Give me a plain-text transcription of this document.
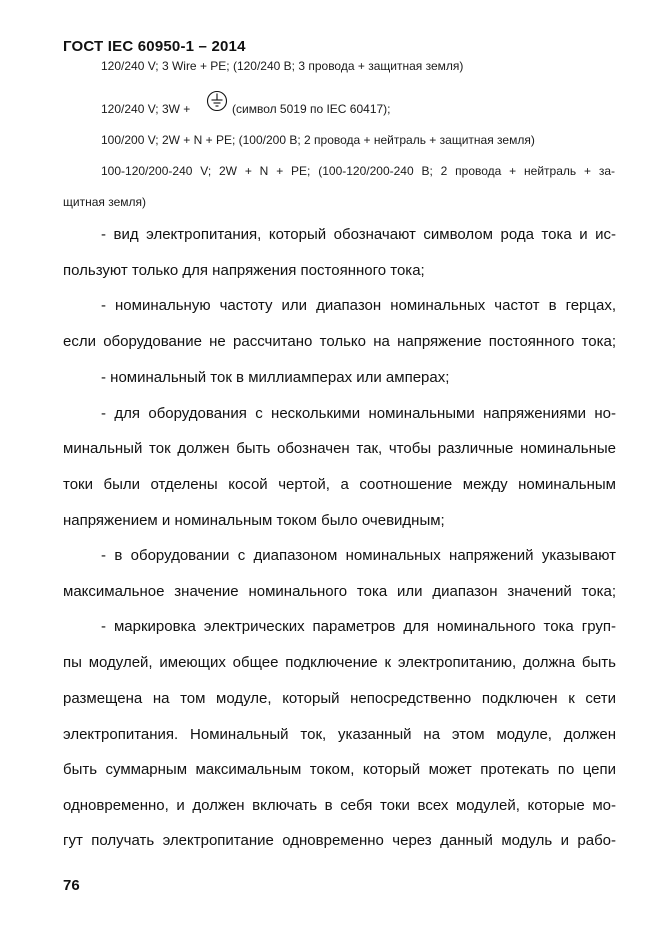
ГОСТ IEC 60950-1 – 2014
120/240 V; 3 Wire + PE; (120/240 В; 3 провода + защитная земля)
120/240 V; 3W +	(символ 5019 по IEC 60417);
100/200 V; 2W + N + PE; (100/200 В; 2 провода + нейтраль + защитная земля)
100-120/200-240 V; 2W + N + PE; (100-120/200-240 В; 2 провода + нейтраль + за-
щитная земля)
- вид электропитания, который обозначают символом рода тока и ис-
пользуют только для напряжения постоянного тока;
- номинальную частоту или диапазон номинальных частот в герцах,
если оборудование не рассчитано только на напряжение постоянного тока;
- номинальный ток в миллиамперах или амперах;
- для оборудования с несколькими номинальными напряжениями но-
минальный ток должен быть обозначен так, чтобы различные номинальные
токи были отделены косой чертой, а соотношение между номинальным
напряжением и номинальным током было очевидным;
- в оборудовании с диапазоном номинальных напряжений указывают
максимальное значение номинального тока или диапазон значений тока;
- маркировка электрических параметров для номинального тока груп-
пы модулей, имеющих общее подключение к электропитанию, должна быть
размещена на том модуле, который непосредственно подключен к сети
электропитания. Номинальный ток, указанный на этом модуле, должен
быть суммарным максимальным током, который может протекать по цепи
одновременно, и должен включать в себя токи всех модулей, которые мо-
гут получать электропитание одновременно через данный модуль и рабо-
76
